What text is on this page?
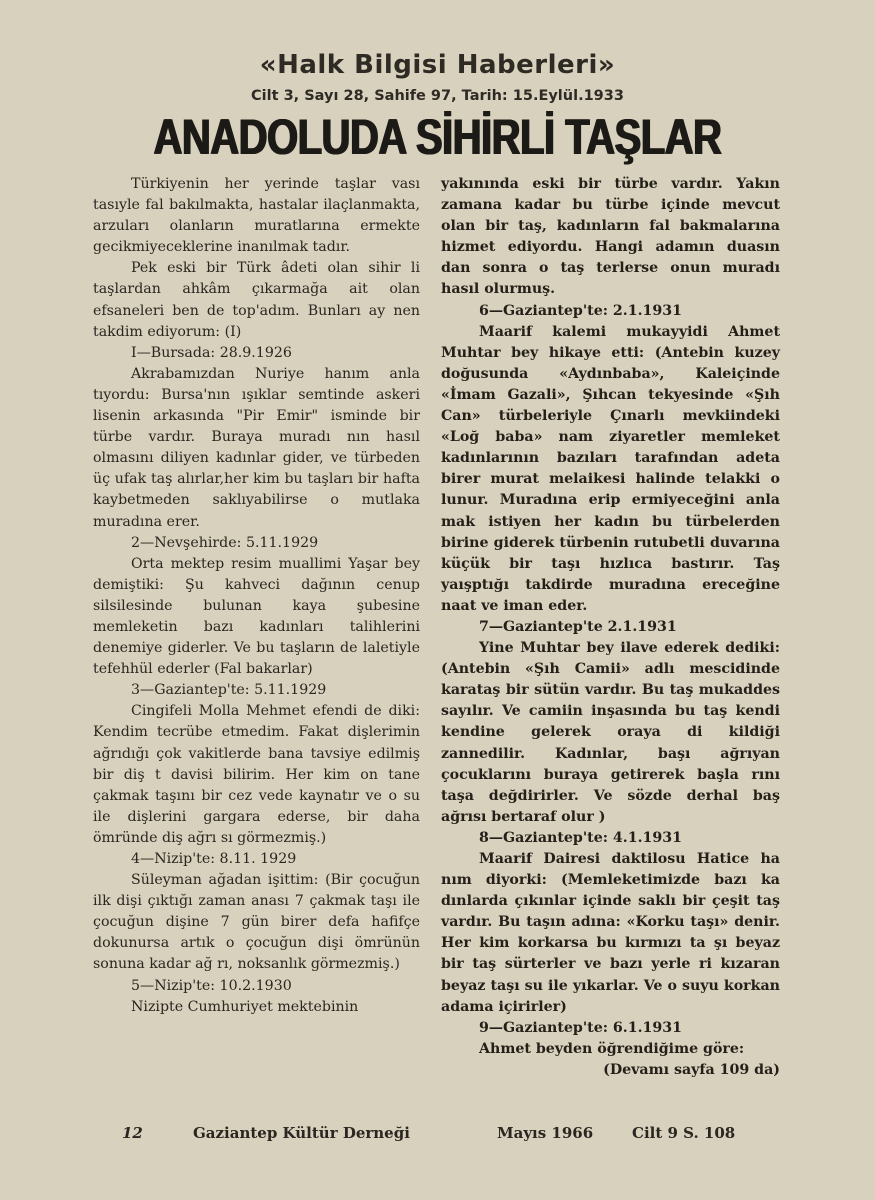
«Halk Bilgisi Haberleri»
Cilt 3, Sayı 28, Sahife 97, Tarih: 15.Eylül.1933
ANADOLUDA SİHİRLİ TAŞLAR

Türkiyenin her yerinde taşlar vası tasıyle fal bakılmakta, hastalar ilaçlanmakta, arzuları olanların muratlarına ermekte gecikmiyeceklerine inanılmak tadır.

Pek eski bir Türk âdeti olan sihir li taşlardan ahkâm çıkarmağa ait olan efsaneleri ben de top'adım. Bunları ay nen takdim ediyorum: (I)

I—Bursada: 28.9.1926

Akrabamızdan Nuriye hanım anla tıyordu: Bursa'nın ışıklar semtinde askeri lisenin arkasında "Pir Emir" isminde bir türbe vardır. Buraya muradı nın hasıl olmasını diliyen kadınlar gider, ve türbeden üç ufak taş alırlar,her kim bu taşları bir hafta kaybetmeden saklıyabilirse o mutlaka muradına erer.

2—Nevşehirde: 5.11.1929

Orta mektep resim muallimi Yaşar bey demiştiki: Şu kahveci dağının cenup silsilesinde bulunan kaya şubesine memleketin bazı kadınları talihlerini denemiye giderler. Ve bu taşların de laletiyle tefehhül ederler (Fal bakarlar)

3—Gaziantep'te: 5.11.1929

Cingifeli Molla Mehmet efendi de diki: Kendim tecrübe etmedim. Fakat dişlerimin ağrıdığı çok vakitlerde bana tavsiye edilmiş bir diş t davisi bilirim. Her kim on tane çakmak taşını bir cez vede kaynatır ve o su ile dişlerini gargara ederse, bir daha ömründe diş ağrı sı görmezmiş.)

4—Nizip'te: 8.11. 1929

Süleyman ağadan işittim: (Bir çocuğun ilk dişi çıktığı zaman anası 7 çakmak taşı ile çocuğun dişine 7 gün birer defa hafifçe dokunursa artık o çocuğun dişi ömrünün sonuna kadar ağ rı, noksanlık görmezmiş.)

5—Nizip'te: 10.2.1930

Nizipte Cumhuriyet mektebinin

yakınında eski bir türbe vardır. Yakın zamana kadar bu türbe içinde mevcut olan bir taş, kadınların fal bakmalarına hizmet ediyordu. Hangi adamın duasın dan sonra o taş terlerse onun muradı hasıl olurmuş.

6—Gaziantep'te: 2.1.1931

Maarif kalemi mukayyidi Ahmet Muhtar bey hikaye etti: (Antebin kuzey doğusunda «Aydınbaba», Kaleiçinde «İmam Gazali», Şıhcan tekyesinde «Şıh Can» türbeleriyle Çınarlı mevkiindeki «Loğ baba» nam ziyaretler memleket kadınlarının bazıları tarafından adeta birer murat melaikesi halinde telakki o lunur. Muradına erip ermiyeceğini anla mak istiyen her kadın bu türbelerden birine giderek türbenin rutubetli duvarına küçük bir taşı hızlıca bastırır. Taş yaışptığı takdirde muradına ereceğine naat ve iman eder.

7—Gaziantep'te 2.1.1931

Yine Muhtar bey ilave ederek dediki: (Antebin «Şıh Camii» adlı mescidinde karataş bir sütün vardır. Bu taş mukaddes sayılır. Ve camiin inşasında bu taş kendi kendine gelerek oraya di kildiği zannedilir. Kadınlar, başı ağrıyan çocuklarını buraya getirerek başla rını taşa değdirirler. Ve sözde derhal baş ağrısı bertaraf olur )

8—Gaziantep'te: 4.1.1931

Maarif Dairesi daktilosu Hatice ha nım diyorki: (Memleketimizde bazı ka dınlarda çıkınlar içinde saklı bir çeşit taş vardır. Bu taşın adına: «Korku taşı» denir. Her kim korkarsa bu kırmızı ta şı beyaz bir taş sürterler ve bazı yerle ri kızaran beyaz taşı su ile yıkarlar. Ve o suyu korkan adama içirirler)

9—Gaziantep'te: 6.1.1931

Ahmet beyden öğrendiğime göre:

(Devamı sayfa 109 da)

12	Gaziantep Kültür Derneği	Mayıs 1966	Cilt 9 S. 108
